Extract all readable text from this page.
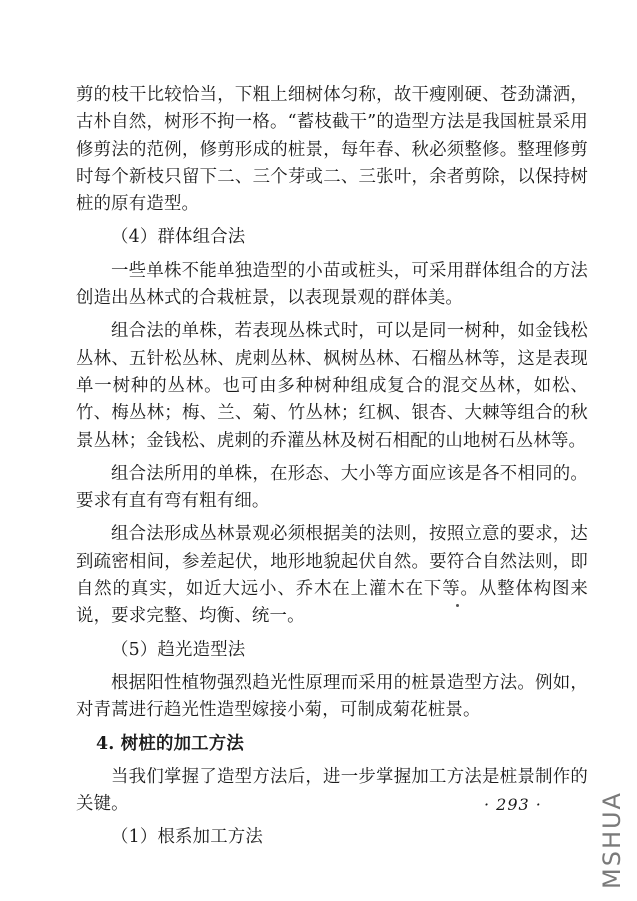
剪的枝干比较恰当，下粗上细树体匀称，故干瘦刚硬、苍劲潇洒，古朴自然，树形不拘一格。“蓄枝截干”的造型方法是我国桩景采用修剪法的范例，修剪形成的桩景，每年春、秋必须整修。整理修剪时每个新枝只留下二、三个芽或二、三张叶，余者剪除，以保持树桩的原有造型。

（4）群体组合法

一些单株不能单独造型的小苗或桩头，可采用群体组合的方法创造出丛林式的合栽桩景，以表现景观的群体美。

组合法的单株，若表现丛株式时，可以是同一树种，如金钱松丛林、五针松丛林、虎刺丛林、枫树丛林、石榴丛林等，这是表现单一树种的丛林。也可由多种树种组成复合的混交丛林，如松、竹、梅丛林；梅、兰、菊、竹丛林；红枫、银杏、大棘等组合的秋景丛林；金钱松、虎刺的乔灌丛林及树石相配的山地树石丛林等。

组合法所用的单株，在形态、大小等方面应该是各不相同的。要求有直有弯有粗有细。

组合法形成丛林景观必须根据美的法则，按照立意的要求，达到疏密相间，参差起伏，地形地貌起伏自然。要符合自然法则，即自然的真实，如近大远小、乔木在上灌木在下等。从整体构图来说，要求完整、均衡、统一。

（5）趋光造型法

根据阳性植物强烈趋光性原理而采用的桩景造型方法。例如，对青蒿进行趋光性造型嫁接小菊，可制成菊花桩景。

4. 树桩的加工方法

当我们掌握了造型方法后，进一步掌握加工方法是桩景制作的关键。

（1）根系加工方法

· 293 · MSHUA
